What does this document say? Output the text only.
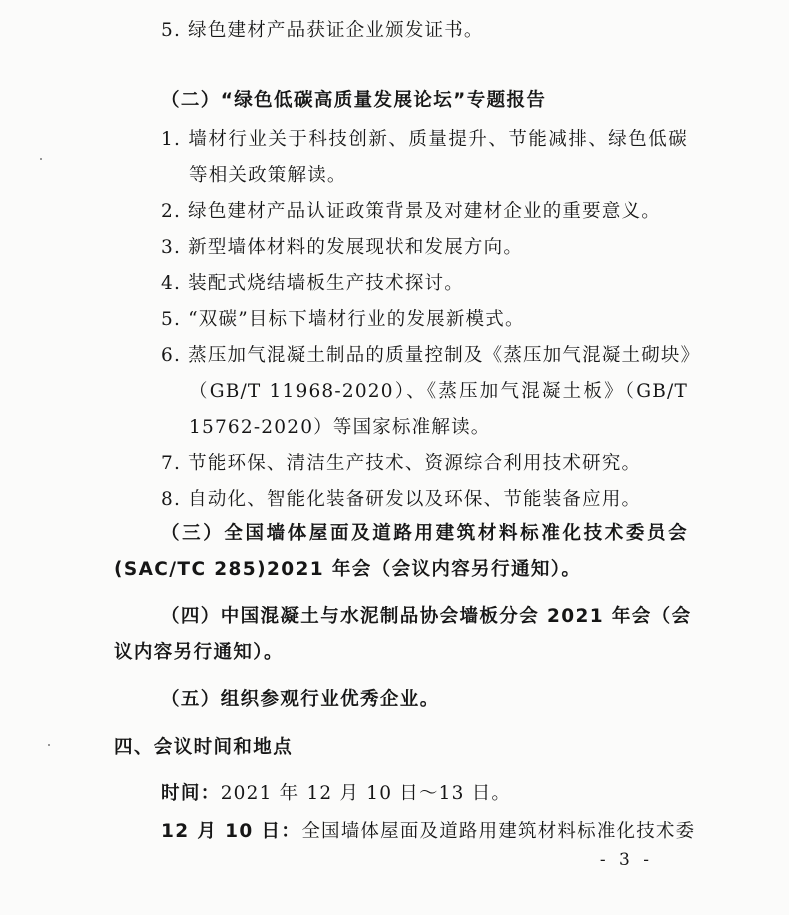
5. 绿色建材产品获证企业颁发证书。
（二）“绿色低碳高质量发展论坛”专题报告
1. 墙材行业关于科技创新、质量提升、节能减排、绿色低碳
等相关政策解读。
2. 绿色建材产品认证政策背景及对建材企业的重要意义。
3. 新型墙体材料的发展现状和发展方向。
4. 装配式烧结墙板生产技术探讨。
5. “双碳”目标下墙材行业的发展新模式。
6. 蒸压加气混凝土制品的质量控制及《蒸压加气混凝土砌块》
（GB/T 11968-2020）、《蒸压加气混凝土板》（GB/T
15762-2020）等国家标准解读。
7. 节能环保、清洁生产技术、资源综合利用技术研究。
8. 自动化、智能化装备研发以及环保、节能装备应用。
（三）全国墙体屋面及道路用建筑材料标准化技术委员会
(SAC/TC 285)2021 年会（会议内容另行通知）。
（四）中国混凝土与水泥制品协会墙板分会 2021 年会（会
议内容另行通知）。
（五）组织参观行业优秀企业。
四、会议时间和地点
时间：2021 年 12 月 10 日～13 日。
12 月 10 日：全国墙体屋面及道路用建筑材料标准化技术委
- 3 -
